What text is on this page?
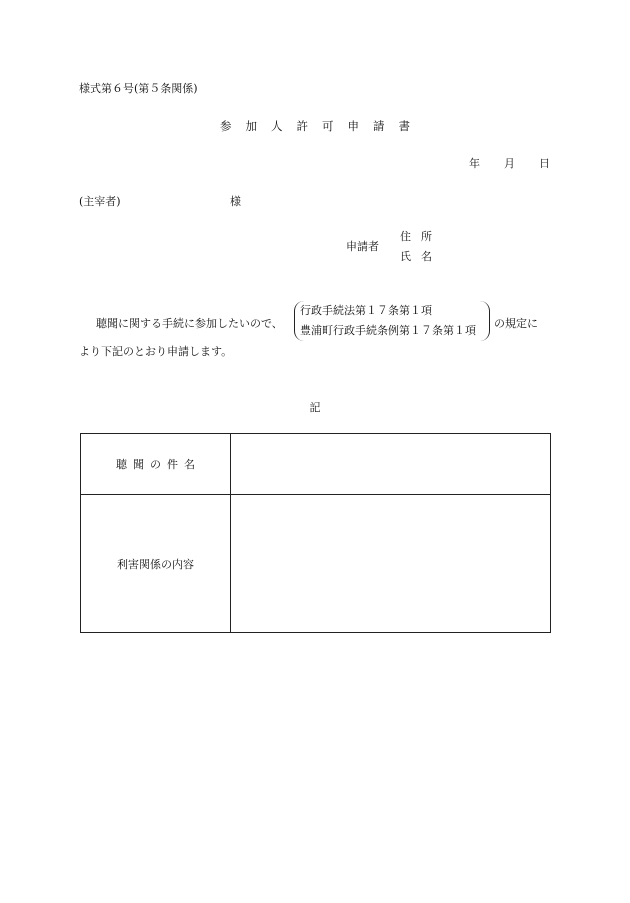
様式第６号(第５条関係)
参加人許可申請書
年 月 日
(主宰者)	様
申請者
住所
氏名
聴聞に関する手続に参加したいので、
行政手続法第１７条第１項
豊浦町行政手続条例第１７条第１項
の規定に
より下記のとおり申請します。
記
聴聞の件名
利害関係の内容
